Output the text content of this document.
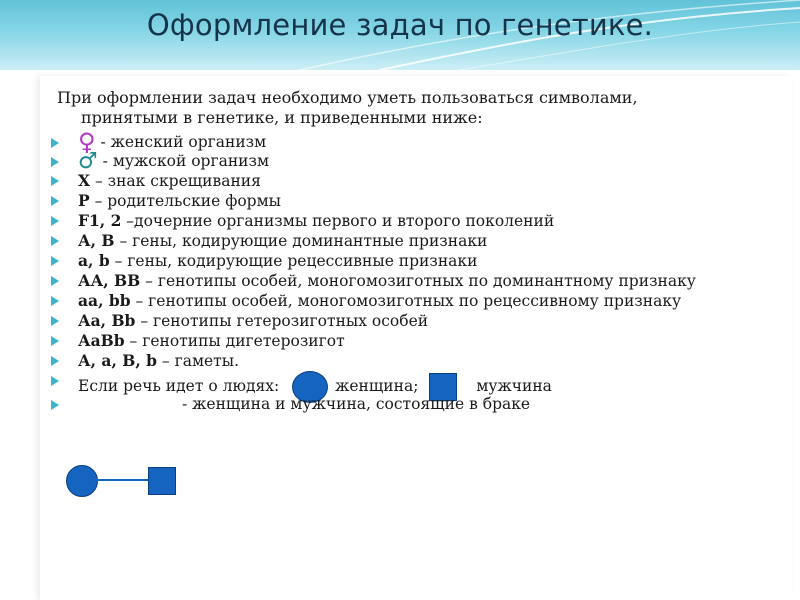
Оформление задач по генетике.
При оформлении задач необходимо уметь пользоваться символами,
принятыми в генетике, и приведенными ниже:
♀ - женский организм
♂ - мужской организм
Х – знак скрещивания
Р – родительские формы
F1, 2 –дочерние организмы первого и второго поколений
А, В – гены, кодирующие доминантные признаки
а, b – гены, кодирующие рецессивные признаки
АА, ВВ – генотипы особей, моногомозиготных по доминантному признаку
аа, bb – генотипы особей, моногомозиготных по рецессивному признаку
Аа, Вb – генотипы гетерозиготных особей
АаВb – генотипы дигетерозигот
А, а, В, b – гаметы.
Если речь идет о людях:	женщина;	мужчина
- женщина и мужчина, состоящие в браке
